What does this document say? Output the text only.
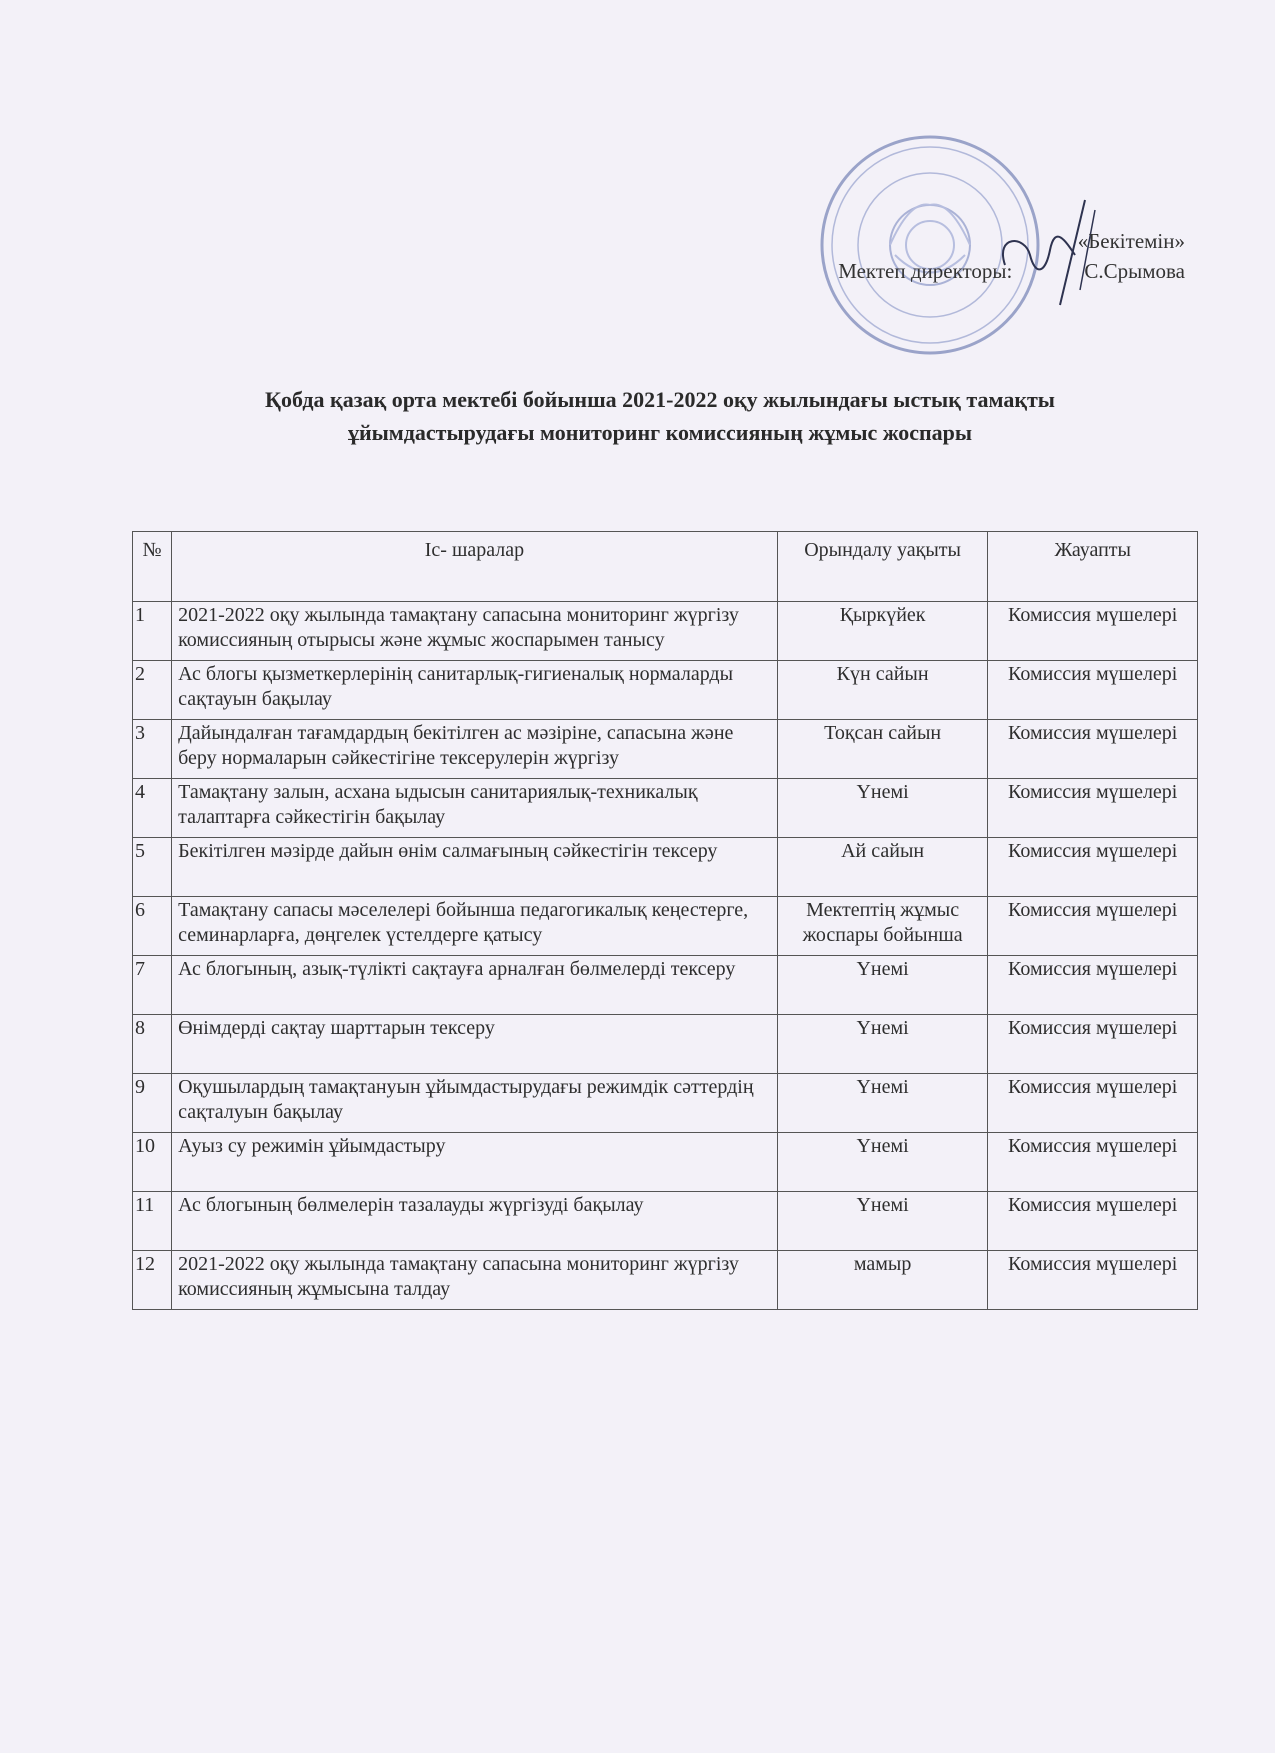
«Бекітемін»
Мектеп директоры:	С.Срымова
Қобда қазақ орта мектебі бойынша 2021-2022 оқу жылындағы ыстық тамақты
ұйымдастырудағы мониторинг комиссияның жұмыс жоспары
№	Іс- шаралар	Орындалу уақыты	Жауапты
1	2021-2022 оқу жылында тамақтану сапасына мониторинг жүргізу комиссияның отырысы және жұмыс жоспарымен танысу	Қыркүйек	Комиссия мүшелері
2	Ас блогы қызметкерлерінің санитарлық-гигиеналық нормаларды сақтауын бақылау	Күн сайын	Комиссия мүшелері
3	Дайындалған тағамдардың бекітілген ас мәзіріне, сапасына және беру нормаларын сәйкестігіне тексерулерін жүргізу	Тоқсан сайын	Комиссия мүшелері
4	Тамақтану залын, асхана ыдысын санитариялық-техникалық талаптарға сәйкестігін бақылау	Үнемі	Комиссия мүшелері
5	Бекітілген мәзірде дайын өнім салмағының сәйкестігін тексеру	Ай сайын	Комиссия мүшелері
6	Тамақтану сапасы мәселелері бойынша педагогикалық кеңестерге, семинарларға, дөңгелек үстелдерге қатысу	Мектептің жұмыс жоспары бойынша	Комиссия мүшелері
7	Ас блогының, азық-түлікті сақтауға арналған бөлмелерді тексеру	Үнемі	Комиссия мүшелері
8	Өнімдерді сақтау шарттарын тексеру	Үнемі	Комиссия мүшелері
9	Оқушылардың тамақтануын ұйымдастырудағы режимдік сәттердің сақталуын бақылау	Үнемі	Комиссия мүшелері
10	Ауыз су режимін ұйымдастыру	Үнемі	Комиссия мүшелері
11	Ас блогының бөлмелерін тазалауды жүргізуді бақылау	Үнемі	Комиссия мүшелері
12	2021-2022 оқу жылында тамақтану сапасына мониторинг жүргізу комиссияның жұмысына талдау	мамыр	Комиссия мүшелері
